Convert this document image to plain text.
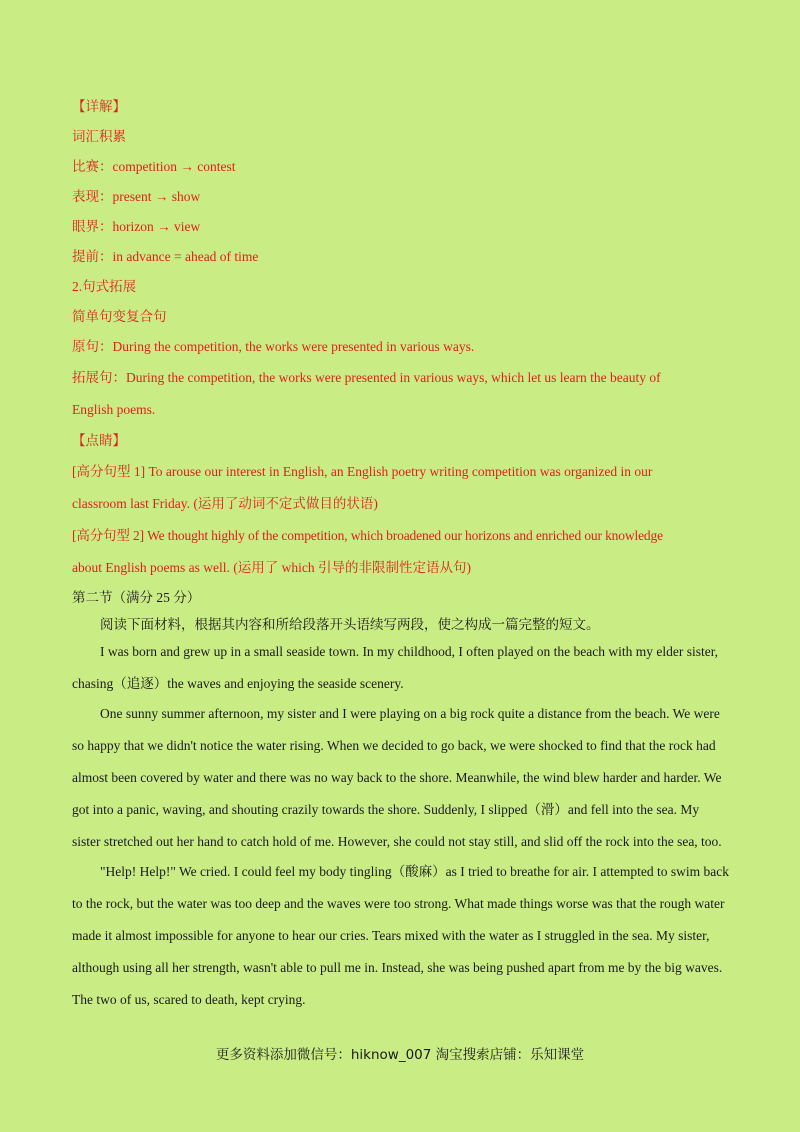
【详解】
词汇积累
比赛：competition → contest
表现：present → show
眼界：horizon → view
提前：in advance = ahead of time
2.句式拓展
简单句变复合句
原句：During the competition, the works were presented in various ways.
拓展句：During the competition, the works were presented in various ways, which let us learn the beauty of
English poems.
【点睛】
[高分句型 1] To arouse our interest in English, an English poetry writing competition was organized in our
classroom last Friday. (运用了动词不定式做目的状语)
[高分句型 2] We thought highly of the competition, which broadened our horizons and enriched our knowledge
about English poems as well. (运用了 which 引导的非限制性定语从句)
第二节（满分 25 分）
阅读下面材料，根据其内容和所给段落开头语续写两段，使之构成一篇完整的短文。

I was born and grew up in a small seaside town. In my childhood, I often played on the beach with my elder sister, chasing（追逐）the waves and enjoying the seaside scenery.

One sunny summer afternoon, my sister and I were playing on a big rock quite a distance from the beach. We were so happy that we didn't notice the water rising. When we decided to go back, we were shocked to find that the rock had almost been covered by water and there was no way back to the shore. Meanwhile, the wind blew harder and harder. We got into a panic, waving, and shouting crazily towards the shore. Suddenly, I slipped（滑）and fell into the sea. My sister stretched out her hand to catch hold of me. However, she could not stay still, and slid off the rock into the sea, too.

"Help! Help!" We cried. I could feel my body tingling（酸麻）as I tried to breathe for air. I attempted to swim back to the rock, but the water was too deep and the waves were too strong. What made things worse was that the rough water made it almost impossible for anyone to hear our cries. Tears mixed with the water as I struggled in the sea. My sister, although using all her strength, wasn't able to pull me in. Instead, she was being pushed apart from me by the big waves. The two of us, scared to death, kept crying.

更多资料添加微信号：hiknow_007 淘宝搜索店铺：乐知课堂
